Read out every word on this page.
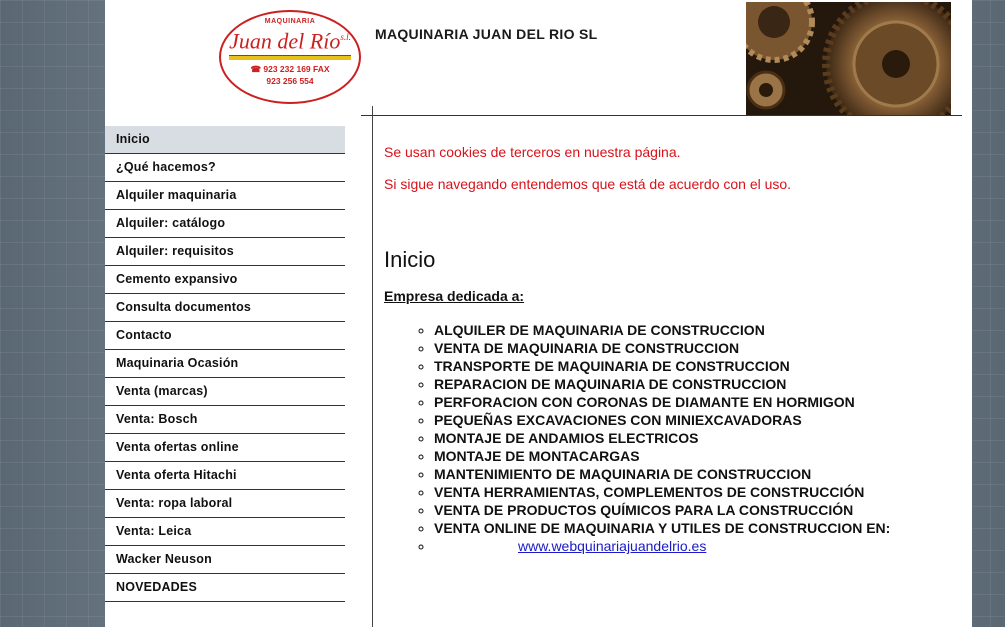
MAQUINARIA
Juan del Río$^{s.l.}$
☎ 923 232 169 FAX
923 256 554
MAQUINARIA JUAN DEL RIO SL
Inicio
¿Qué hacemos?
Alquiler maquinaria
Alquiler: catálogo
Alquiler: requisitos
Cemento expansivo
Consulta documentos
Contacto
Maquinaria Ocasión
Venta (marcas)
Venta: Bosch
Venta ofertas online
Venta oferta Hitachi
Venta: ropa laboral
Venta: Leica
Wacker Neuson
NOVEDADES

Se usan cookies de terceros en nuestra página.

Si sigue navegando entendemos que está de acuerdo con el uso.

Inicio
Empresa dedicada a:
◦ ALQUILER DE MAQUINARIA DE CONSTRUCCION
◦ VENTA DE MAQUINARIA DE CONSTRUCCION
◦ TRANSPORTE DE MAQUINARIA DE CONSTRUCCION
◦ REPARACION DE MAQUINARIA DE CONSTRUCCION
◦ PERFORACION CON CORONAS DE DIAMANTE EN HORMIGON
◦ PEQUEÑAS EXCAVACIONES CON MINIEXCAVADORAS
◦ MONTAJE DE ANDAMIOS ELECTRICOS
◦ MONTAJE DE MONTACARGAS
◦ MANTENIMIENTO DE MAQUINARIA DE CONSTRUCCION
◦ VENTA HERRAMIENTAS, COMPLEMENTOS DE CONSTRUCCIÓN
◦ VENTA DE PRODUCTOS QUÍMICOS PARA LA CONSTRUCCIÓN
◦ VENTA ONLINE DE MAQUINARIA Y UTILES DE CONSTRUCCION EN:
◦ www.webquinariajuandelrio.es
